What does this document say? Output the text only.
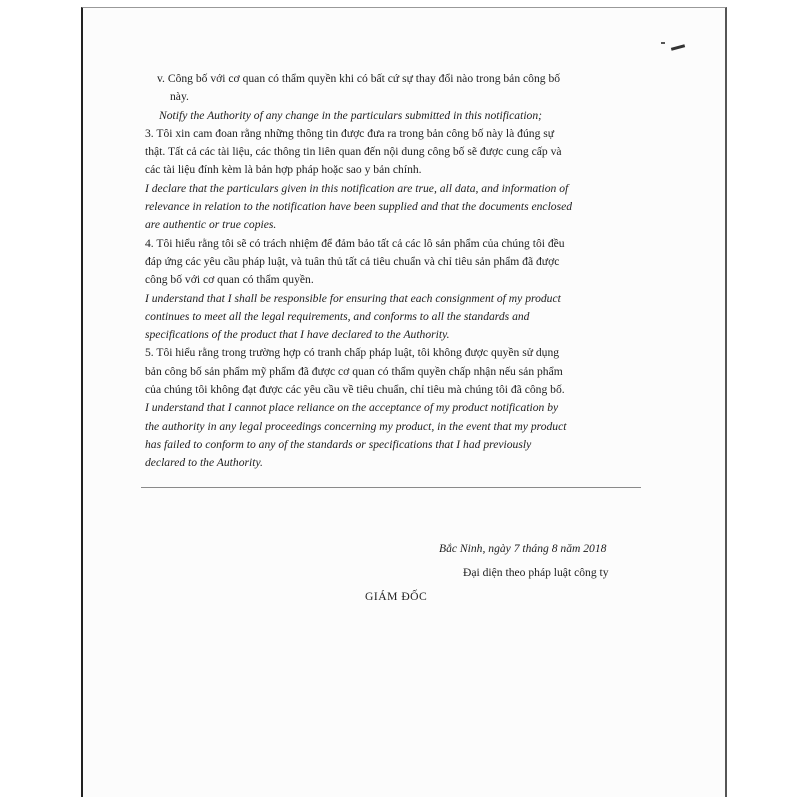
v. Công bố với cơ quan có thẩm quyền khi có bất cứ sự thay đổi nào trong bản công bố
này.
Notify the Authority of any change in the particulars submitted in this notification;
3. Tôi xin cam đoan rằng những thông tin được đưa ra trong bản công bố này là đúng sự
thật. Tất cả các tài liệu, các thông tin liên quan đến nội dung công bố sẽ được cung cấp và
các tài liệu đính kèm là bản hợp pháp hoặc sao y bản chính.
I declare that the particulars given in this notification are true, all data, and information of
relevance in relation to the notification have been supplied and that the documents enclosed
are authentic or true copies.
4. Tôi hiểu rằng tôi sẽ có trách nhiệm để đảm bảo tất cả các lô sản phẩm của chúng tôi đều
đáp ứng các yêu cầu pháp luật, và tuân thủ tất cả tiêu chuẩn và chỉ tiêu sản phẩm đã được
công bố với cơ quan có thẩm quyền.
I understand that I shall be responsible for ensuring that each consignment of my product
continues to meet all the legal requirements, and conforms to all the standards and
specifications of the product that I have declared to the Authority.
5. Tôi hiểu rằng trong trường hợp có tranh chấp pháp luật, tôi không được quyền sử dụng
bản công bố sản phẩm mỹ phẩm đã được cơ quan có thẩm quyền chấp nhận nếu sản phẩm
của chúng tôi không đạt được các yêu cầu về tiêu chuẩn, chỉ tiêu mà chúng tôi đã công bố.
I understand that I cannot place reliance on the acceptance of my product notification by
the authority in any legal proceedings concerning my product, in the event that my product
has failed to conform to any of the standards or specifications that I had previously
declared to the Authority.
Bắc Ninh, ngày 7 tháng 8 năm 2018
Đại diện theo pháp luật công ty
GIÁM ĐỐC
